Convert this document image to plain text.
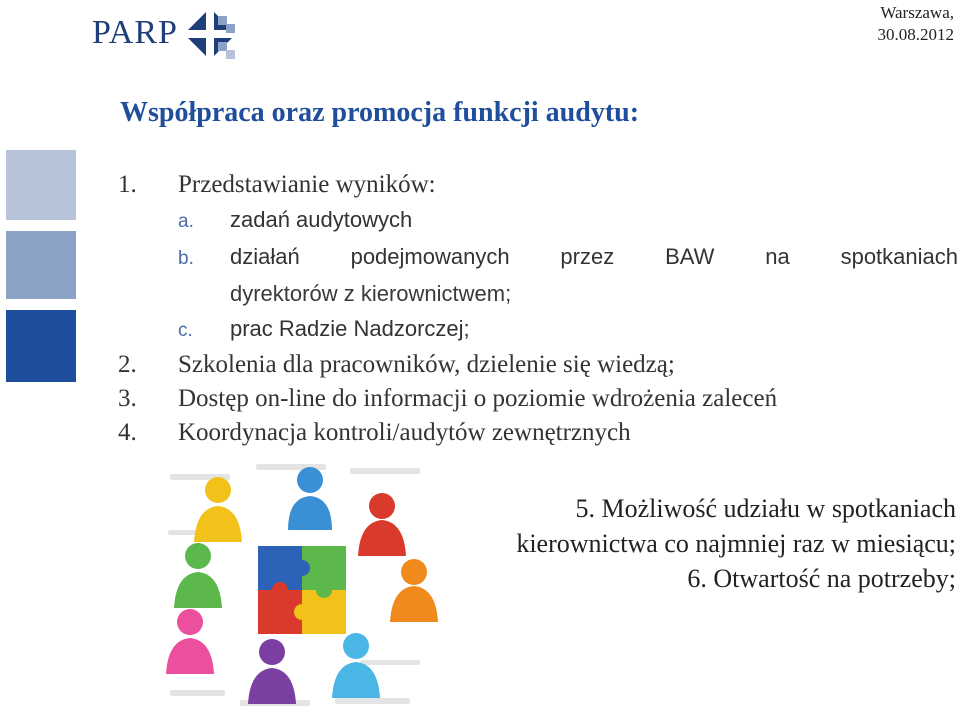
PARP
Warszawa,
30.08.2012
Współpraca oraz promocja funkcji audytu:
1.	Przedstawianie wyników:
a.	zadań audytowych
b.	działań podejmowanych przez BAW na spotkaniach
dyrektorów z kierownictwem;
c.	prac Radzie Nadzorczej;
2.	Szkolenia dla pracowników, dzielenie się wiedzą;
3.	Dostęp on-line do informacji o poziomie wdrożenia zaleceń
4.	Koordynacja kontroli/audytów zewnętrznych
5. Możliwość udziału w spotkaniach
kierownictwa co najmniej raz w miesiącu;
6. Otwartość na potrzeby;
